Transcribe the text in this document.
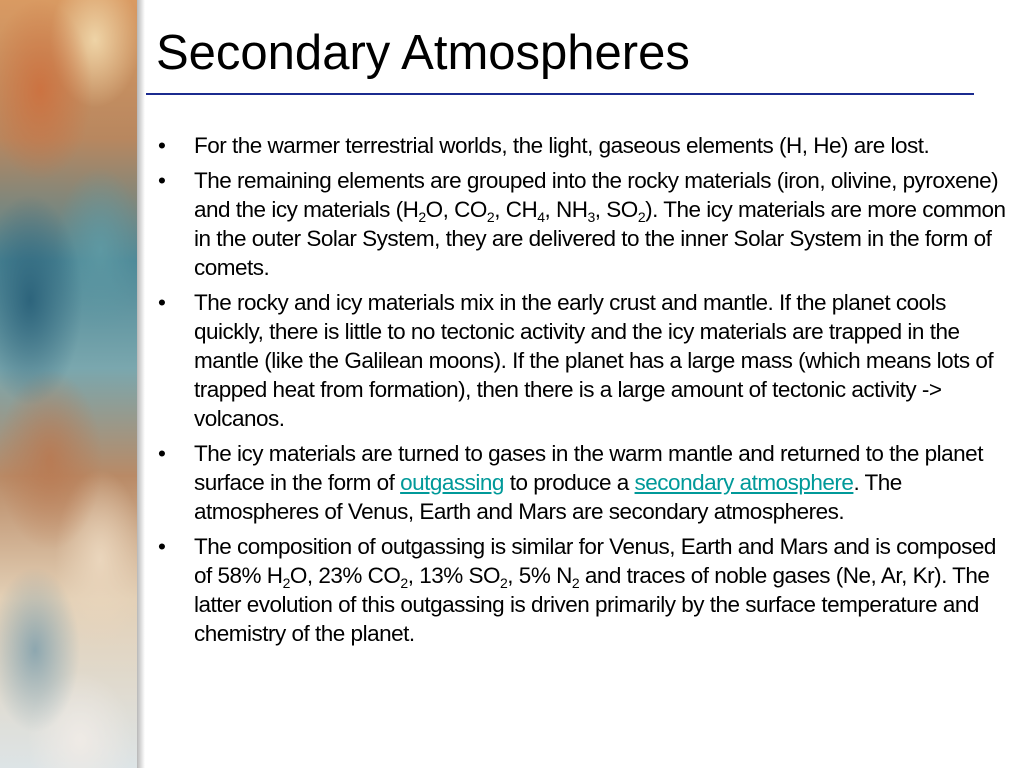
Secondary Atmospheres
• For the warmer terrestrial worlds, the light, gaseous elements (H, He) are lost.
• The remaining elements are grouped into the rocky materials (iron, olivine, pyroxene) and the icy materials ($H_2O$, $CO_2$, $CH_4$, $NH_3$, $SO_2$). The icy materials are more common in the outer Solar System, they are delivered to the inner Solar System in the form of comets.
• The rocky and icy materials mix in the early crust and mantle. If the planet cools quickly, there is little to no tectonic activity and the icy materials are trapped in the mantle (like the Galilean moons). If the planet has a large mass (which means lots of trapped heat from formation), then there is a large amount of tectonic activity -> volcanos.
• The icy materials are turned to gases in the warm mantle and returned to the planet surface in the form of outgassing to produce a secondary atmosphere. The atmospheres of Venus, Earth and Mars are secondary atmospheres.
• The composition of outgassing is similar for Venus, Earth and Mars and is composed of 58% $H_2O$, 23% $CO_2$, 13% $SO_2$, 5% $N_2$ and traces of noble gases (Ne, Ar, Kr). The latter evolution of this outgassing is driven primarily by the surface temperature and chemistry of the planet.
